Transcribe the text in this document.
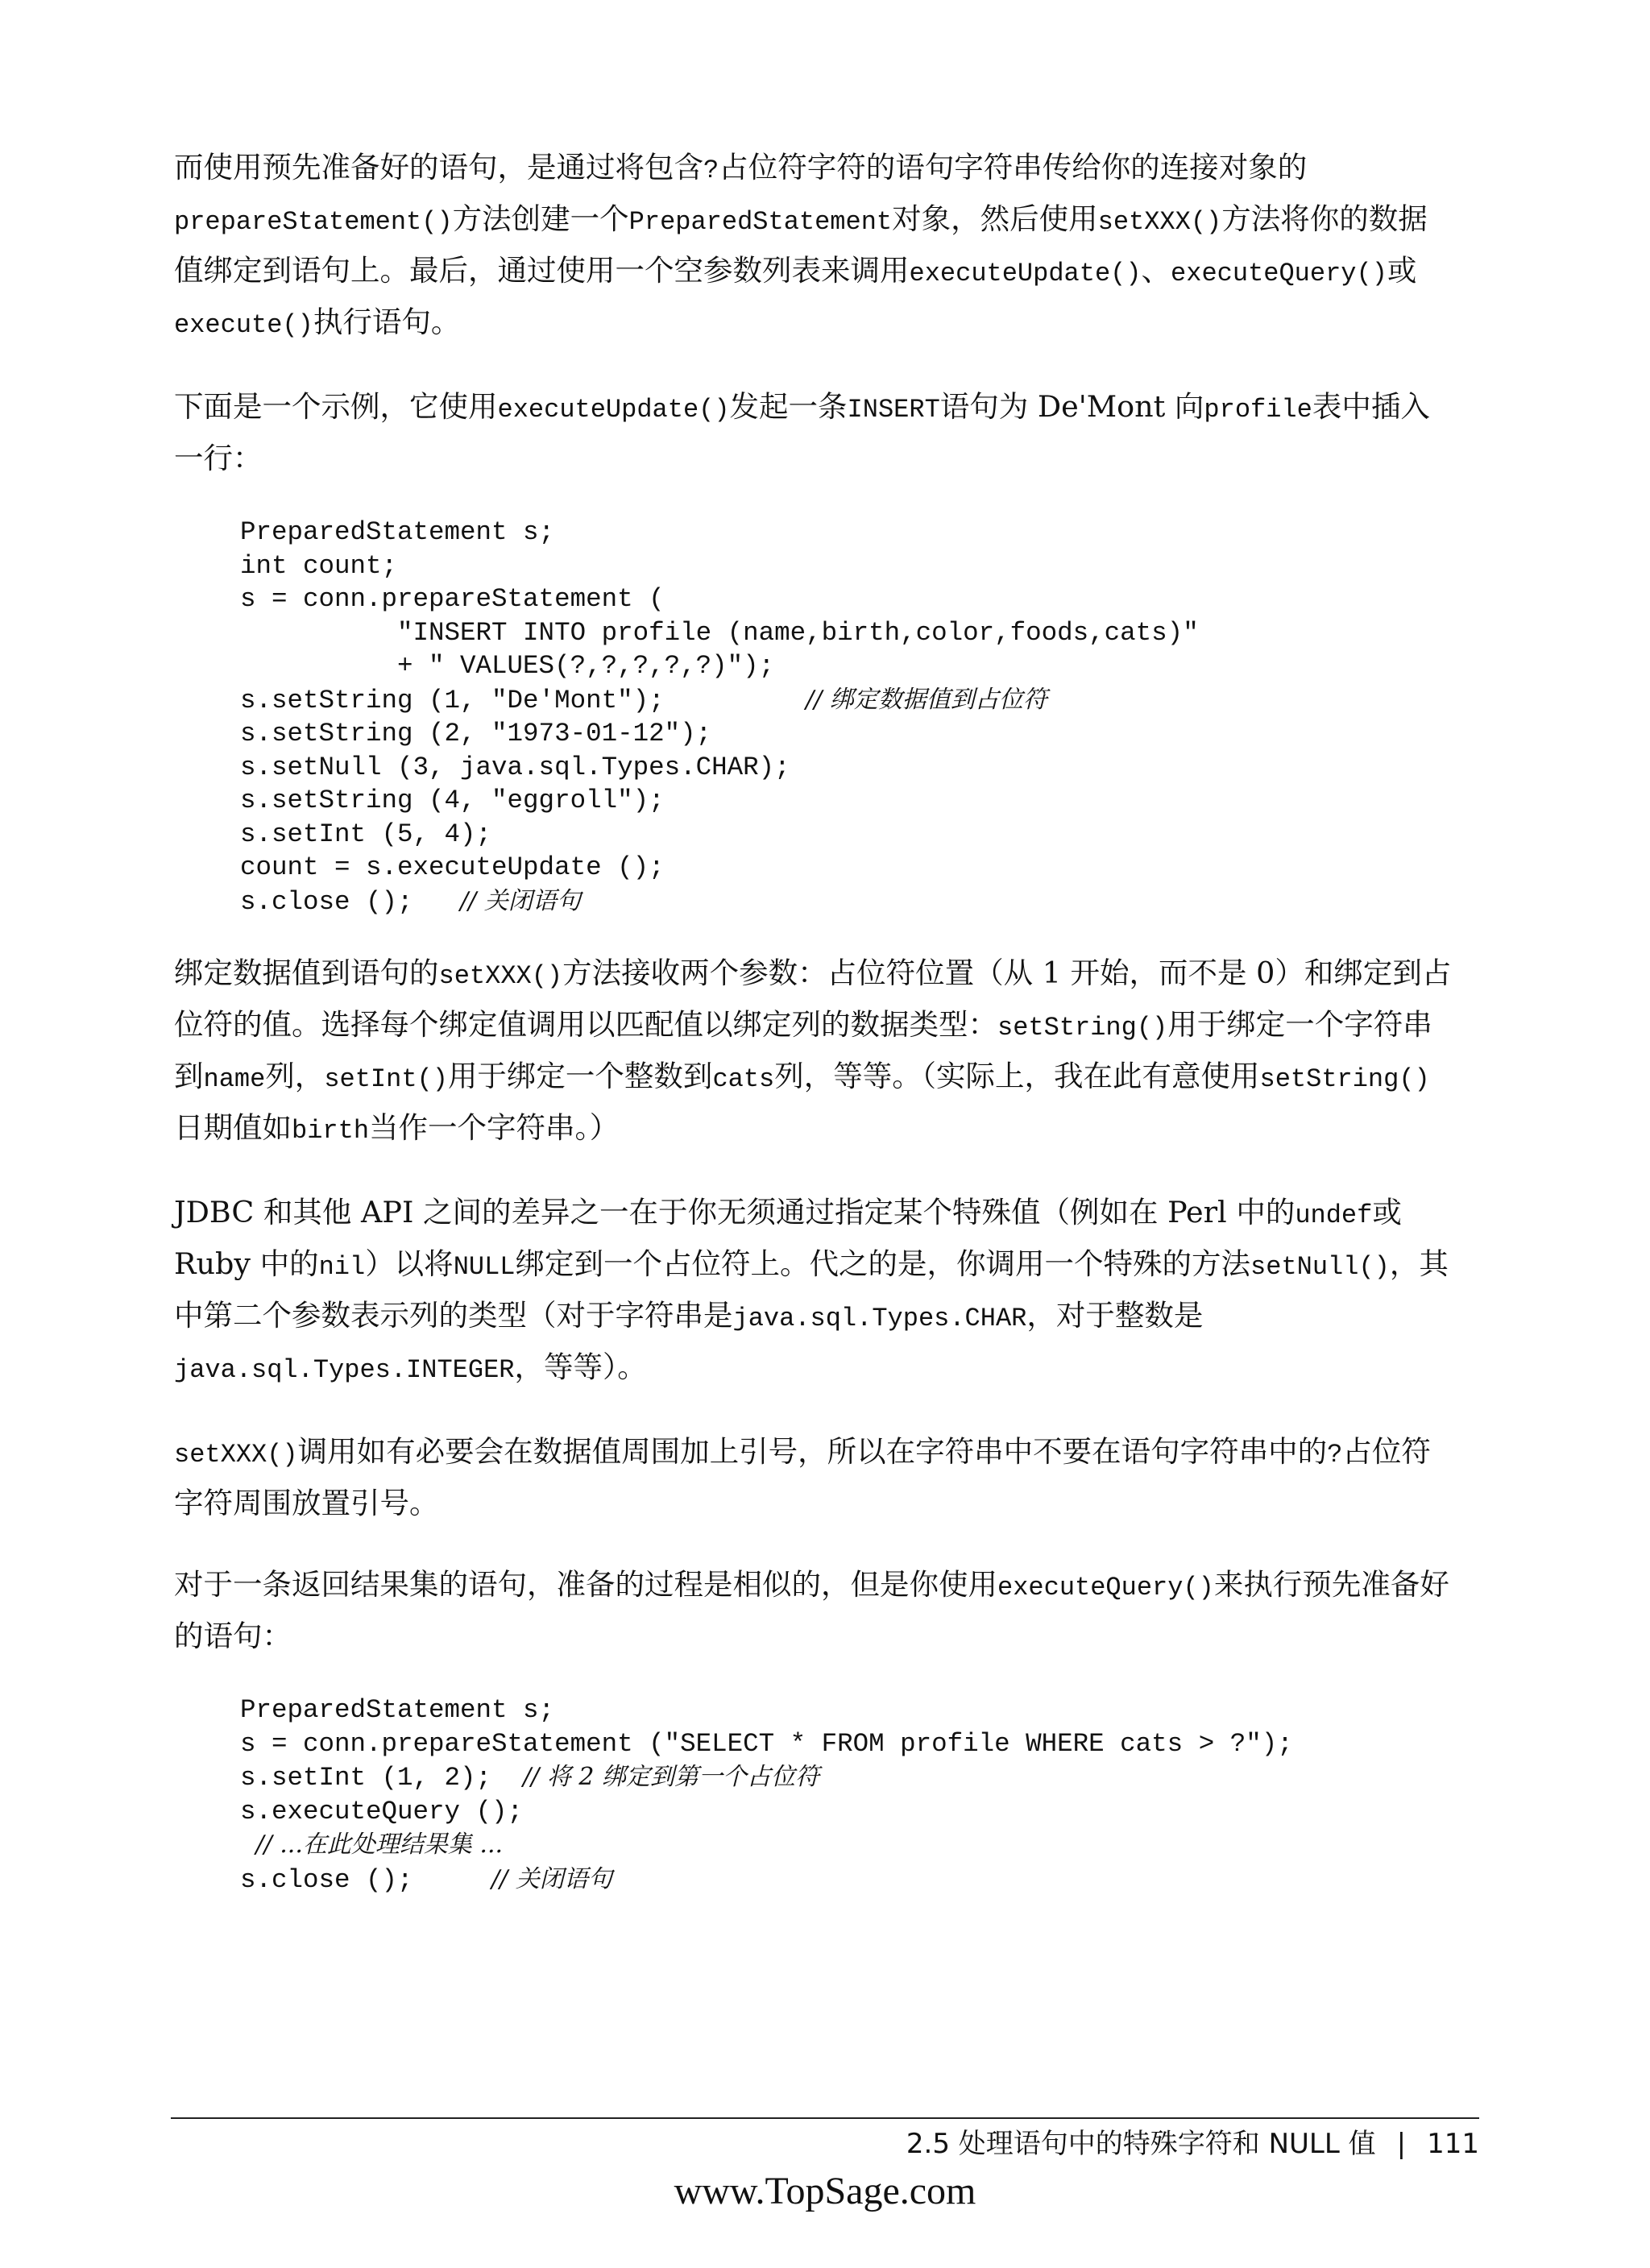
而使用预先准备好的语句，是通过将包含?占位符字符的语句字符串传给你的连接对象的prepareStatement()方法创建一个PreparedStatement对象，然后使用setXXX()方法将你的数据值绑定到语句上。最后，通过使用一个空参数列表来调用executeUpdate()、executeQuery()或execute()执行语句。

下面是一个示例，它使用executeUpdate()发起一条INSERT语句为 De'Mont 向profile表中插入一行：

PreparedStatement s;
int count;
s = conn.prepareStatement (
"INSERT INTO profile (name,birth,color,foods,cats)"
+ " VALUES(?,?,?,?,?)");
s.setString (1, "De'Mont");	// 绑定数据值到占位符
s.setString (2, "1973-01-12");
s.setNull (3, java.sql.Types.CHAR);
s.setString (4, "eggroll");
s.setInt (5, 4);
count = s.executeUpdate ();
s.close (); // 关闭语句

绑定数据值到语句的setXXX()方法接收两个参数：占位符位置（从 1 开始，而不是 0）和绑定到占位符的值。选择每个绑定值调用以匹配值以绑定列的数据类型：setString()用于绑定一个字符串到name列，setInt()用于绑定一个整数到cats列，等等。（实际上，我在此有意使用setString()日期值如birth当作一个字符串。）

JDBC 和其他 API 之间的差异之一在于你无须通过指定某个特殊值（例如在 Perl 中的undef或 Ruby 中的nil）以将NULL绑定到一个占位符上。代之的是，你调用一个特殊的方法setNull()，其中第二个参数表示列的类型（对于字符串是java.sql.Types.CHAR，对于整数是java.sql.Types.INTEGER，等等）。

setXXX()调用如有必要会在数据值周围加上引号，所以在字符串中不要在语句字符串中的?占位符字符周围放置引号。

对于一条返回结果集的语句，准备的过程是相似的，但是你使用executeQuery()来执行预先准备好的语句：

PreparedStatement s;
s = conn.prepareStatement ("SELECT * FROM profile WHERE cats > ?");
s.setInt (1, 2); // 将 2 绑定到第一个占位符
s.executeQuery ();
// ...在此处理结果集 ...
s.close ();	// 关闭语句

2.5 处理语句中的特殊字符和 NULL 值 | 111
www.TopSage.com
